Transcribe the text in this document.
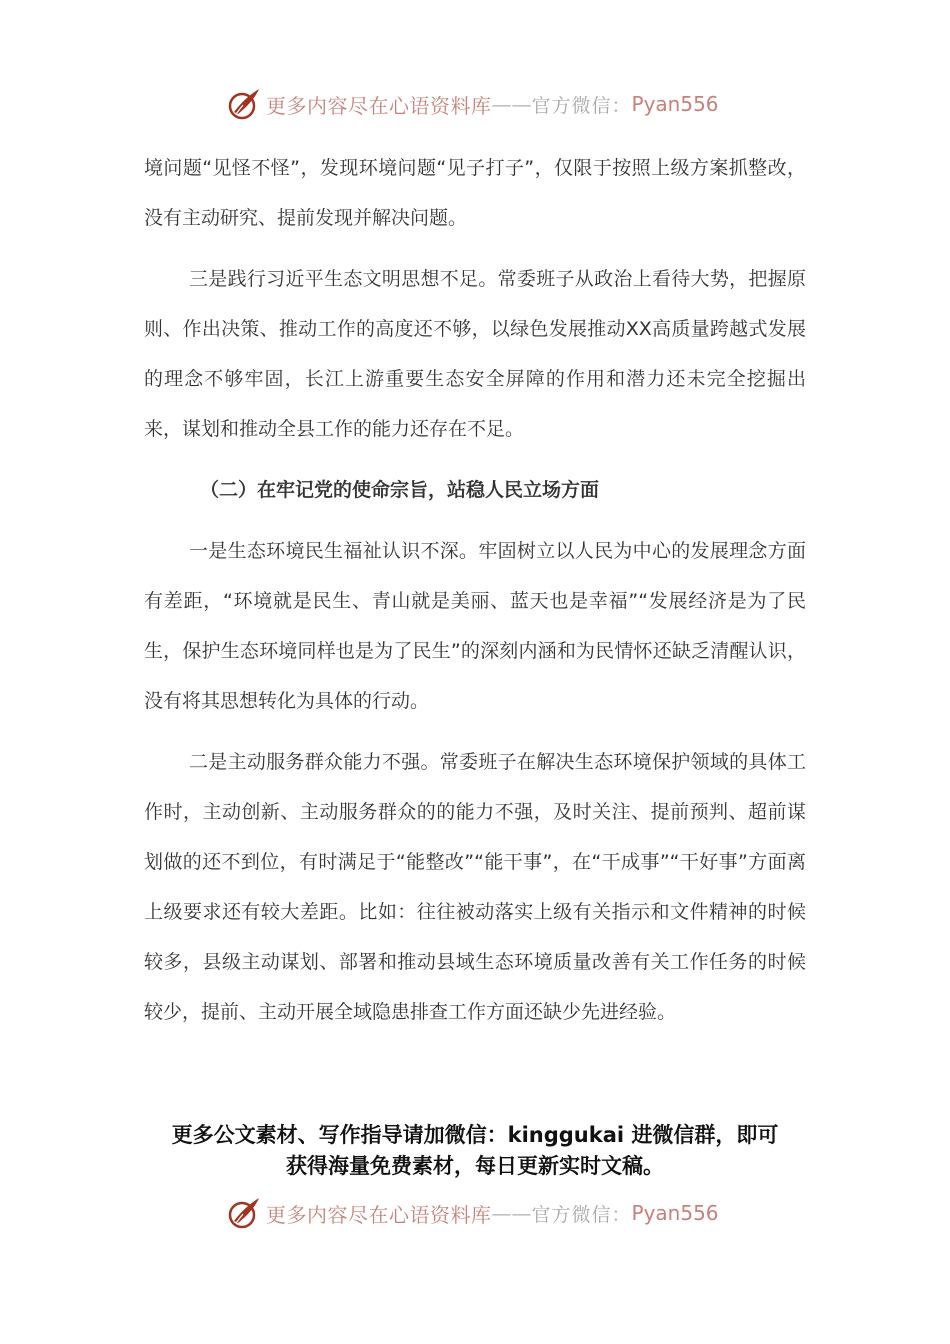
更多内容尽在心语资料库 —— 官方微信： Pyan556

境问题“见怪不怪”，发现环境问题“见子打子”，仅限于按照上级方案抓整改，没有主动研究、提前发现并解决问题。

三是践行习近平生态文明思想不足。常委班子从政治上看待大势，把握原则、作出决策、推动工作的高度还不够，以绿色发展推动XX高质量跨越式发展的理念不够牢固，长江上游重要生态安全屏障的作用和潜力还未完全挖掘出来，谋划和推动全县工作的能力还存在不足。

（二）在牢记党的使命宗旨，站稳人民立场方面

一是生态环境民生福祉认识不深。牢固树立以人民为中心的发展理念方面有差距，“环境就是民生、青山就是美丽、蓝天也是幸福”“发展经济是为了民生，保护生态环境同样也是为了民生”的深刻内涵和为民情怀还缺乏清醒认识，没有将其思想转化为具体的行动。

二是主动服务群众能力不强。常委班子在解决生态环境保护领域的具体工作时，主动创新、主动服务群众的的能力不强，及时关注、提前预判、超前谋划做的还不到位，有时满足于“能整改”“能干事”，在“干成事”“干好事”方面离上级要求还有较大差距。比如：往往被动落实上级有关指示和文件精神的时候较多，县级主动谋划、部署和推动县域生态环境质量改善有关工作任务的时候较少，提前、主动开展全域隐患排查工作方面还缺少先进经验。

更多公文素材、写作指导请加微信：kinggukai 进微信群，即可
获得海量免费素材，每日更新实时文稿。
更多内容尽在心语资料库 —— 官方微信： Pyan556
